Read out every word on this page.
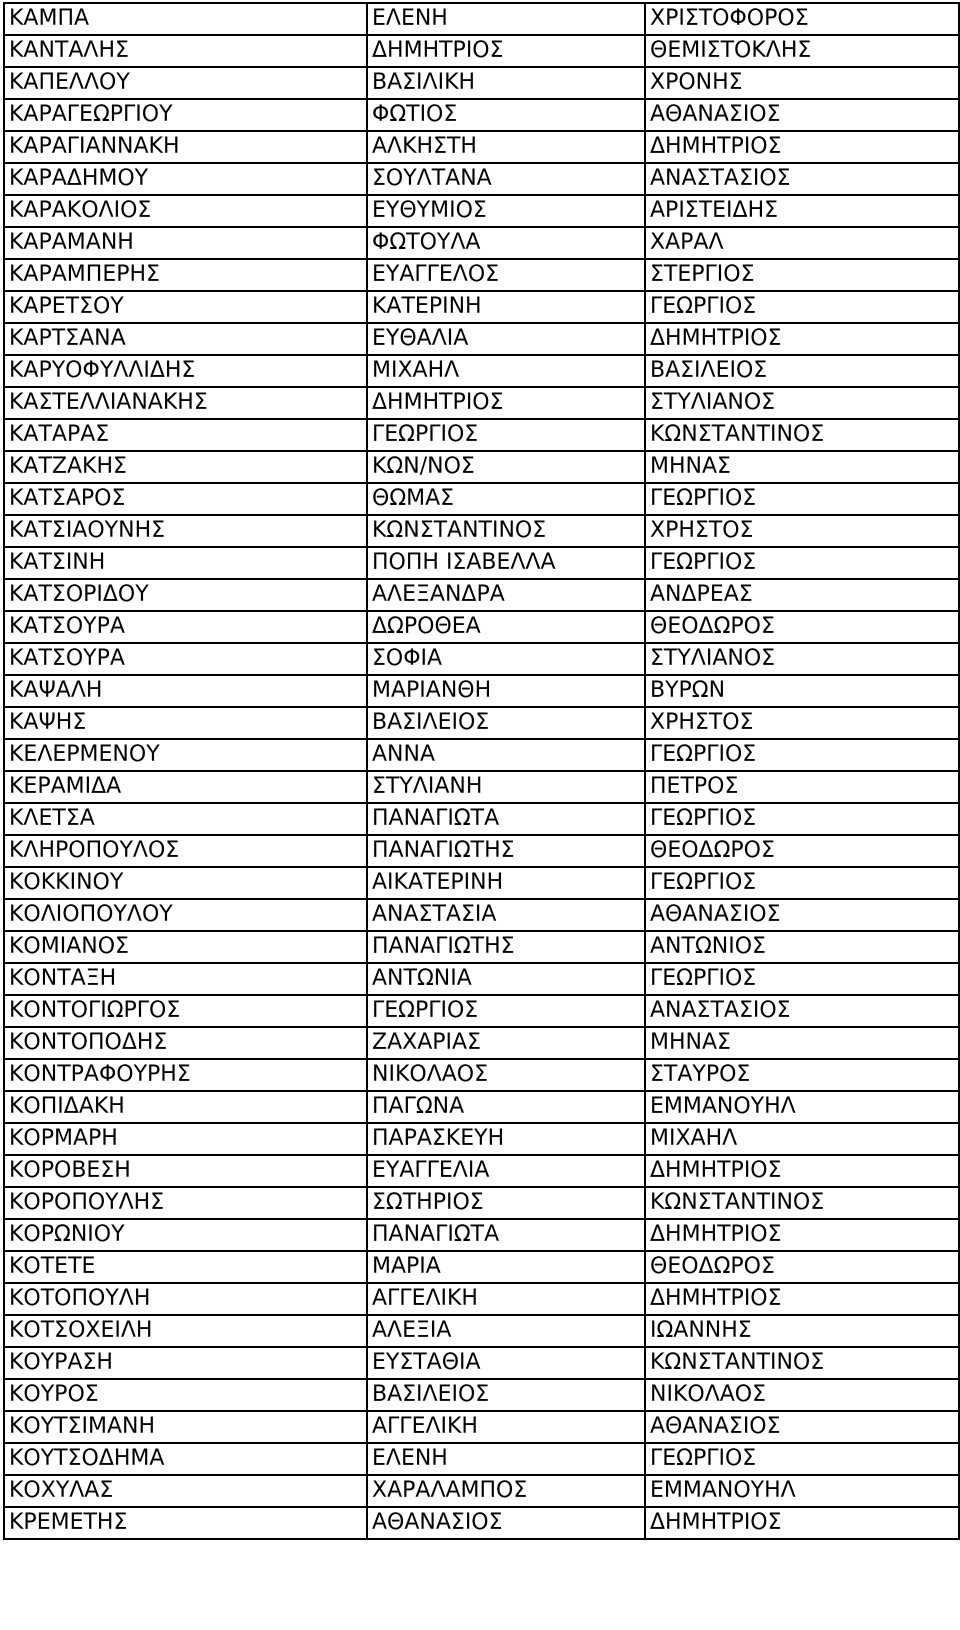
ΚΑΜΠΑ	ΕΛΕΝΗ	ΧΡΙΣΤΟΦΟΡΟΣ
ΚΑΝΤΑΛΗΣ	ΔΗΜΗΤΡΙΟΣ	ΘΕΜΙΣΤΟΚΛΗΣ
ΚΑΠΕΛΛΟΥ	ΒΑΣΙΛΙΚΗ	ΧΡΟΝΗΣ
ΚΑΡΑΓΕΩΡΓΙΟΥ	ΦΩΤΙΟΣ	ΑΘΑΝΑΣΙΟΣ
ΚΑΡΑΓΙΑΝΝΑΚΗ	ΑΛΚΗΣΤΗ	ΔΗΜΗΤΡΙΟΣ
ΚΑΡΑΔΗΜΟΥ	ΣΟΥΛΤΑΝΑ	ΑΝΑΣΤΑΣΙΟΣ
ΚΑΡΑΚΟΛΙΟΣ	ΕΥΘΥΜΙΟΣ	ΑΡΙΣΤΕΙΔΗΣ
ΚΑΡΑΜΑΝΗ	ΦΩΤΟΥΛΑ	ΧΑΡΑΛ
ΚΑΡΑΜΠΕΡΗΣ	ΕΥΑΓΓΕΛΟΣ	ΣΤΕΡΓΙΟΣ
ΚΑΡΕΤΣΟΥ	ΚΑΤΕΡΙΝΗ	ΓΕΩΡΓΙΟΣ
ΚΑΡΤΣΑΝΑ	ΕΥΘΑΛΙΑ	ΔΗΜΗΤΡΙΟΣ
ΚΑΡΥΟΦΥΛΛΙΔΗΣ	ΜΙΧΑΗΛ	ΒΑΣΙΛΕΙΟΣ
ΚΑΣΤΕΛΛΙΑΝΑΚΗΣ	ΔΗΜΗΤΡΙΟΣ	ΣΤΥΛΙΑΝΟΣ
ΚΑΤΑΡΑΣ	ΓΕΩΡΓΙΟΣ	ΚΩΝΣΤΑΝΤΙΝΟΣ
ΚΑΤΖΑΚΗΣ	ΚΩΝ/ΝΟΣ	ΜΗΝΑΣ
ΚΑΤΣΑΡΟΣ	ΘΩΜΑΣ	ΓΕΩΡΓΙΟΣ
ΚΑΤΣΙΑΟΥΝΗΣ	ΚΩΝΣΤΑΝΤΙΝΟΣ	ΧΡΗΣΤΟΣ
ΚΑΤΣΙΝΗ	ΠΟΠΗ ΙΣΑΒΕΛΛΑ	ΓΕΩΡΓΙΟΣ
ΚΑΤΣΟΡΙΔΟΥ	ΑΛΕΞΑΝΔΡΑ	ΑΝΔΡΕΑΣ
ΚΑΤΣΟΥΡΑ	ΔΩΡΟΘΕΑ	ΘΕΟΔΩΡΟΣ
ΚΑΤΣΟΥΡΑ	ΣΟΦΙΑ	ΣΤΥΛΙΑΝΟΣ
ΚΑΨΑΛΗ	ΜΑΡΙΑΝΘΗ	ΒΥΡΩΝ
ΚΑΨΗΣ	ΒΑΣΙΛΕΙΟΣ	ΧΡΗΣΤΟΣ
ΚΕΛΕΡΜΕΝΟΥ	ΑΝΝΑ	ΓΕΩΡΓΙΟΣ
ΚΕΡΑΜΙΔΑ	ΣΤΥΛΙΑΝΗ	ΠΕΤΡΟΣ
ΚΛΕΤΣΑ	ΠΑΝΑΓΙΩΤΑ	ΓΕΩΡΓΙΟΣ
ΚΛΗΡΟΠΟΥΛΟΣ	ΠΑΝΑΓΙΩΤΗΣ	ΘΕΟΔΩΡΟΣ
ΚΟΚΚΙΝΟΥ	ΑΙΚΑΤΕΡΙΝΗ	ΓΕΩΡΓΙΟΣ
ΚΟΛΙΟΠΟΥΛΟΥ	ΑΝΑΣΤΑΣΙΑ	ΑΘΑΝΑΣΙΟΣ
ΚΟΜΙΑΝΟΣ	ΠΑΝΑΓΙΩΤΗΣ	ΑΝΤΩΝΙΟΣ
ΚΟΝΤΑΞΗ	ΑΝΤΩΝΙΑ	ΓΕΩΡΓΙΟΣ
ΚΟΝΤΟΓΙΩΡΓΟΣ	ΓΕΩΡΓΙΟΣ	ΑΝΑΣΤΑΣΙΟΣ
ΚΟΝΤΟΠΟΔΗΣ	ΖΑΧΑΡΙΑΣ	ΜΗΝΑΣ
ΚΟΝΤΡΑΦΟΥΡΗΣ	ΝΙΚΟΛΑΟΣ	ΣΤΑΥΡΟΣ
ΚΟΠΙΔΑΚΗ	ΠΑΓΩΝΑ	ΕΜΜΑΝΟΥΗΛ
ΚΟΡΜΑΡΗ	ΠΑΡΑΣΚΕΥΗ	ΜΙΧΑΗΛ
ΚΟΡΟΒΕΣΗ	ΕΥΑΓΓΕΛΙΑ	ΔΗΜΗΤΡΙΟΣ
ΚΟΡΟΠΟΥΛΗΣ	ΣΩΤΗΡΙΟΣ	ΚΩΝΣΤΑΝΤΙΝΟΣ
ΚΟΡΩΝΙΟΥ	ΠΑΝΑΓΙΩΤΑ	ΔΗΜΗΤΡΙΟΣ
ΚΟΤΕΤΕ	ΜΑΡΙΑ	ΘΕΟΔΩΡΟΣ
ΚΟΤΟΠΟΥΛΗ	ΑΓΓΕΛΙΚΗ	ΔΗΜΗΤΡΙΟΣ
ΚΟΤΣΟΧΕΙΛΗ	ΑΛΕΞΙΑ	ΙΩΑΝΝΗΣ
ΚΟΥΡΑΣΗ	ΕΥΣΤΑΘΙΑ	ΚΩΝΣΤΑΝΤΙΝΟΣ
ΚΟΥΡΟΣ	ΒΑΣΙΛΕΙΟΣ	ΝΙΚΟΛΑΟΣ
ΚΟΥΤΣΙΜΑΝΗ	ΑΓΓΕΛΙΚΗ	ΑΘΑΝΑΣΙΟΣ
ΚΟΥΤΣΟΔΗΜΑ	ΕΛΕΝΗ	ΓΕΩΡΓΙΟΣ
ΚΟΧΥΛΑΣ	ΧΑΡΑΛΑΜΠΟΣ	ΕΜΜΑΝΟΥΗΛ
ΚΡΕΜΕΤΗΣ	ΑΘΑΝΑΣΙΟΣ	ΔΗΜΗΤΡΙΟΣ
